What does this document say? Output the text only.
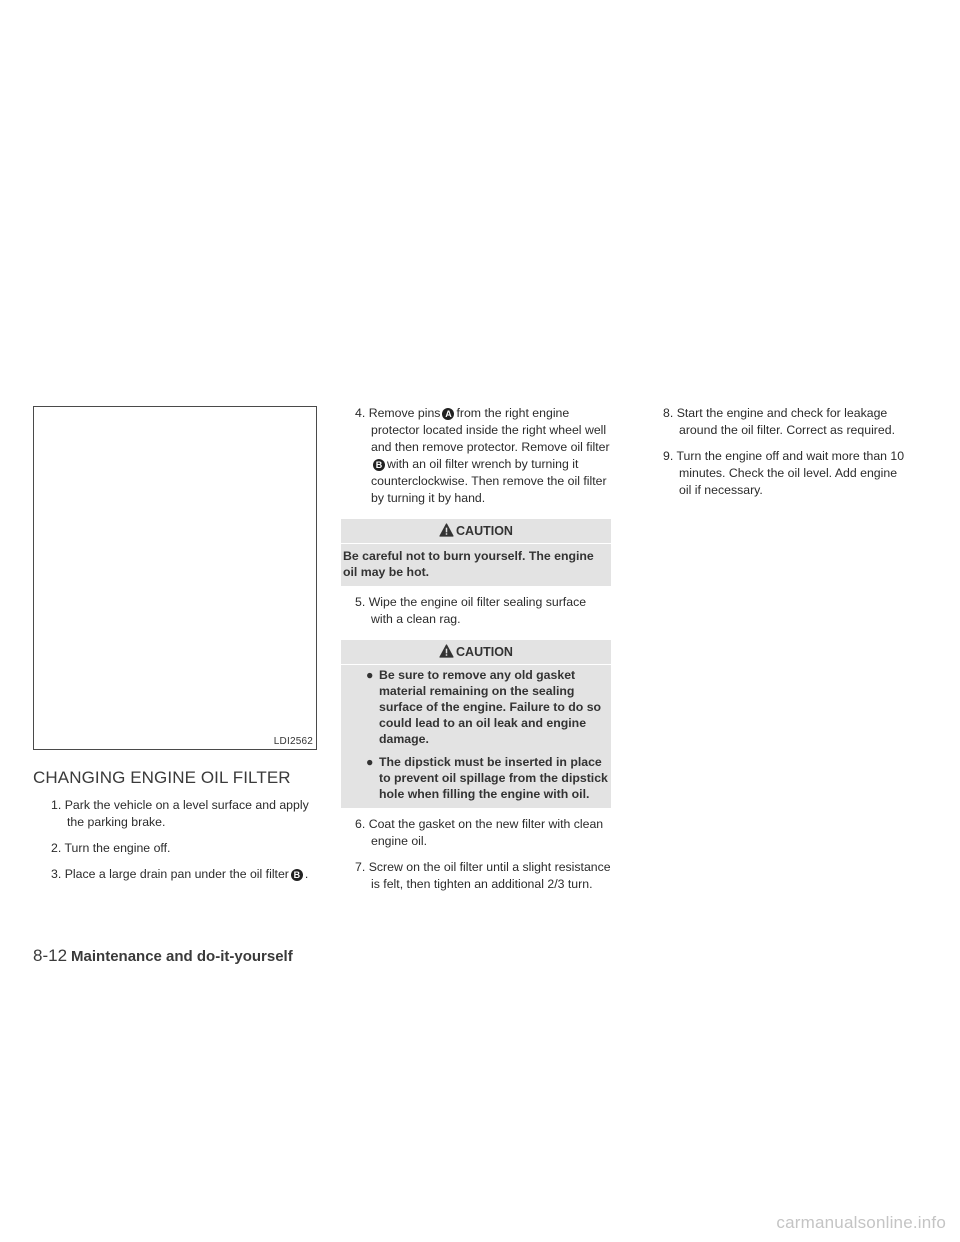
LDI2562
CHANGING ENGINE OIL FILTER
1. Park the vehicle on a level surface and apply the parking brake.
2. Turn the engine off.
3. Place a large drain pan under the oil filter B .
4. Remove pins A from the right engine protector located inside the right wheel well and then remove protector. Remove oil filterB with an oil filter wrench by turning it counterclockwise. Then remove the oil filter by turning it by hand.
CAUTION
Be careful not to burn yourself. The engine oil may be hot.
5. Wipe the engine oil filter sealing surface with a clean rag.
CAUTION
● Be sure to remove any old gasket material remaining on the sealing surface of the engine. Failure to do so could lead to an oil leak and engine damage.
● The dipstick must be inserted in place to prevent oil spillage from the dipstick hole when filling the engine with oil.
6. Coat the gasket on the new filter with clean engine oil.
7. Screw on the oil filter until a slight resistance is felt, then tighten an additional 2/3 turn.
8. Start the engine and check for leakage around the oil filter. Correct as required.
9. Turn the engine off and wait more than 10 minutes. Check the oil level. Add engine oil if necessary.
8-12 Maintenance and do-it-yourself
carmanualsonline.info
